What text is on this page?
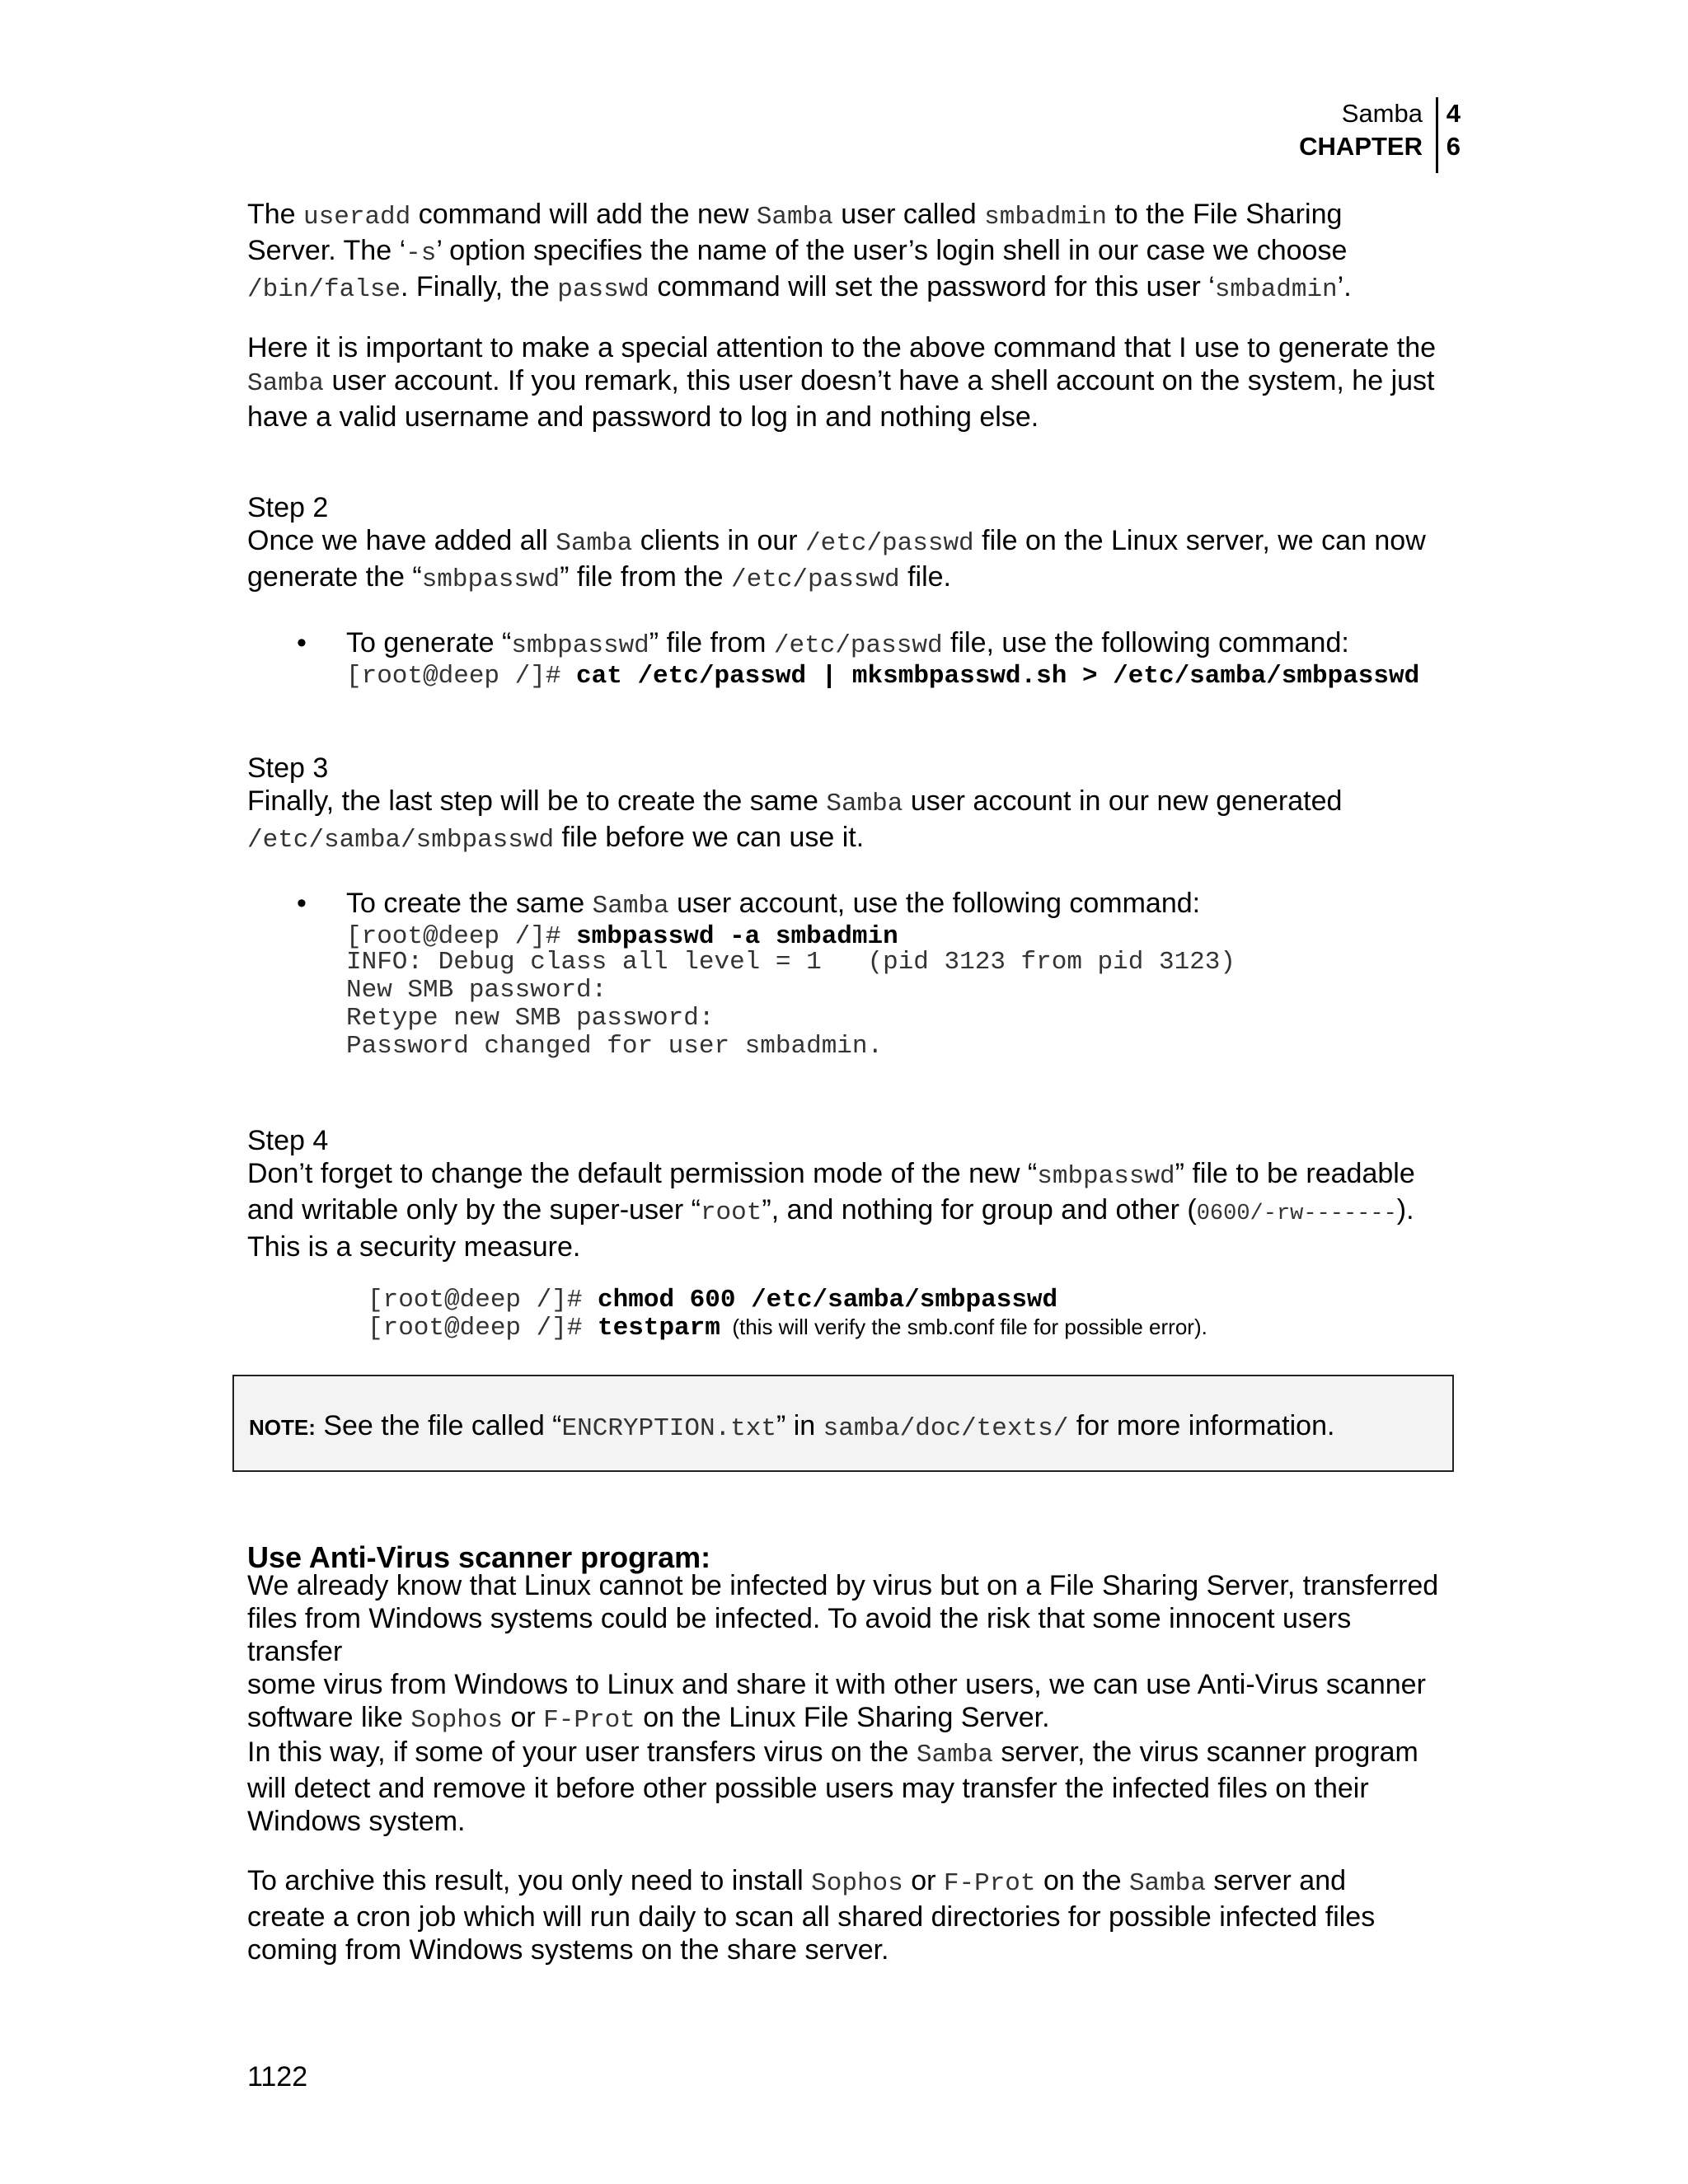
Samba
CHAPTER
4
6
The useradd command will add the new Samba user called smbadmin to the File Sharing
Server. The ‘-s’ option specifies the name of the user’s login shell in our case we choose
/bin/false. Finally, the passwd command will set the password for this user ‘smbadmin’.
Here it is important to make a special attention to the above command that I use to generate the
Samba user account. If you remark, this user doesn’t have a shell account on the system, he just
have a valid username and password to log in and nothing else.
Step 2
Once we have added all Samba clients in our /etc/passwd file on the Linux server, we can now
generate the “smbpasswd” file from the /etc/passwd file.
• To generate “smbpasswd” file from /etc/passwd file, use the following command:
[root@deep /]# cat /etc/passwd | mksmbpasswd.sh > /etc/samba/smbpasswd
Step 3
Finally, the last step will be to create the same Samba user account in our new generated
/etc/samba/smbpasswd file before we can use it.
• To create the same Samba user account, use the following command:
[root@deep /]# smbpasswd -a smbadmin
INFO: Debug class all level = 1   (pid 3123 from pid 3123)
New SMB password:
Retype new SMB password:
Password changed for user smbadmin.
Step 4
Don’t forget to change the default permission mode of the new “smbpasswd” file to be readable
and writable only by the super-user “root”, and nothing for group and other (0600/-rw-------).
This is a security measure.
[root@deep /]# chmod 600 /etc/samba/smbpasswd
[root@deep /]# testparm  (this will verify the smb.conf file for possible error).
NOTE: See the file called “ENCRYPTION.txt” in samba/doc/texts/ for more information.
Use Anti-Virus scanner program:
We already know that Linux cannot be infected by virus but on a File Sharing Server, transferred
files from Windows systems could be infected. To avoid the risk that some innocent users transfer
some virus from Windows to Linux and share it with other users, we can use Anti-Virus scanner
software like Sophos or F-Prot on the Linux File Sharing Server.
In this way, if some of your user transfers virus on the Samba server, the virus scanner program
will detect and remove it before other possible users may transfer the infected files on their
Windows system.
To archive this result, you only need to install Sophos or F-Prot on the Samba server and
create a cron job which will run daily to scan all shared directories for possible infected files
coming from Windows systems on the share server.
1122
